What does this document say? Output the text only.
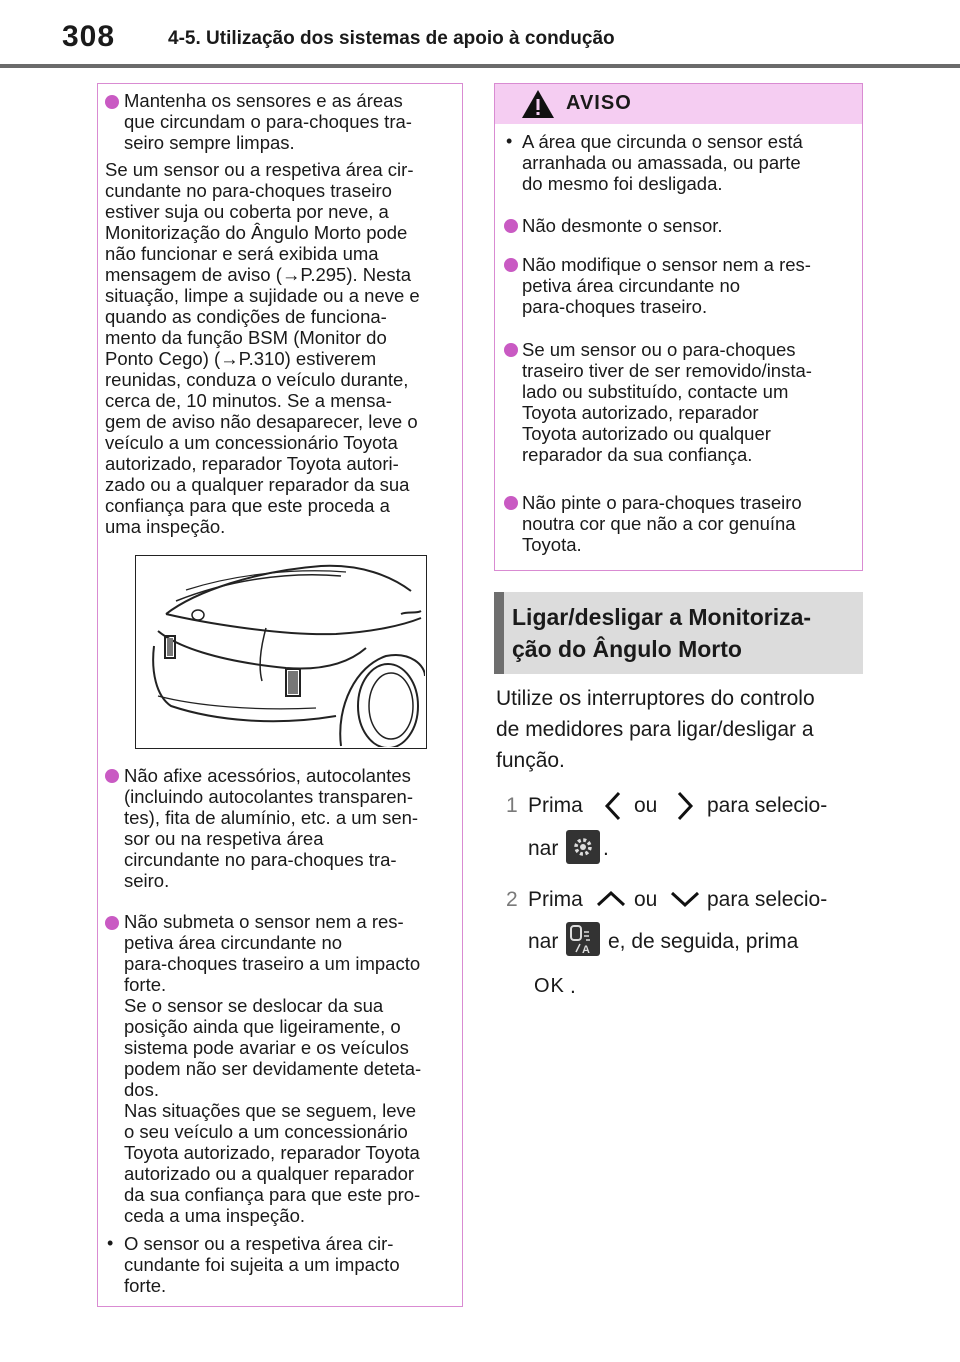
308	4-5. Utilização dos sistemas de apoio à condução
Mantenha os sensores e as áreas
que circundam o para-choques tra-
seiro sempre limpas.
Se um sensor ou a respetiva área cir-
cundante no para-choques traseiro
estiver suja ou coberta por neve, a
Monitorização do Ângulo Morto pode
não funcionar e será exibida uma
mensagem de aviso (→P.295). Nesta
situação, limpe a sujidade ou a neve e
quando as condições de funciona-
mento da função BSM (Monitor do
Ponto Cego) (→P.310) estiverem
reunidas, conduza o veículo durante,
cerca de, 10 minutos. Se a mensa-
gem de aviso não desaparecer, leve o
veículo a um concessionário Toyota
autorizado, reparador Toyota autori-
zado ou a qualquer reparador da sua
confiança para que este proceda a
uma inspeção.
Não afixe acessórios, autocolantes
(incluindo autocolantes transparen-
tes), fita de alumínio, etc. a um sen-
sor ou na respetiva área
circundante no para-choques tra-
seiro.
Não submeta o sensor nem a res-
petiva área circundante no
para-choques traseiro a um impacto
forte.
Se o sensor se deslocar da sua
posição ainda que ligeiramente, o
sistema pode avariar e os veículos
podem não ser devidamente deteta-
dos.
Nas situações que se seguem, leve
o seu veículo a um concessionário
Toyota autorizado, reparador Toyota
autorizado ou a qualquer reparador
da sua confiança para que este pro-
ceda a uma inspeção.
• O sensor ou a respetiva área cir-
cundante foi sujeita a um impacto
forte.
AVISO
• A área que circunda o sensor está
arranhada ou amassada, ou parte
do mesmo foi desligada.
Não desmonte o sensor.
Não modifique o sensor nem a res-
petiva área circundante no
para-choques traseiro.
Se um sensor ou o para-choques
traseiro tiver de ser removido/insta-
lado ou substituído, contacte um
Toyota autorizado, reparador
Toyota autorizado ou qualquer
reparador da sua confiança.
Não pinte o para-choques traseiro
noutra cor que não a cor genuína
Toyota.
Ligar/desligar a Monitoriza-
ção do Ângulo Morto
Utilize os interruptores do controlo
de medidores para ligar/desligar a
função.
1 Prima ou para selecio-
nar .
2 Prima ou para selecio-
nar A e, de seguida, prima
OK .
